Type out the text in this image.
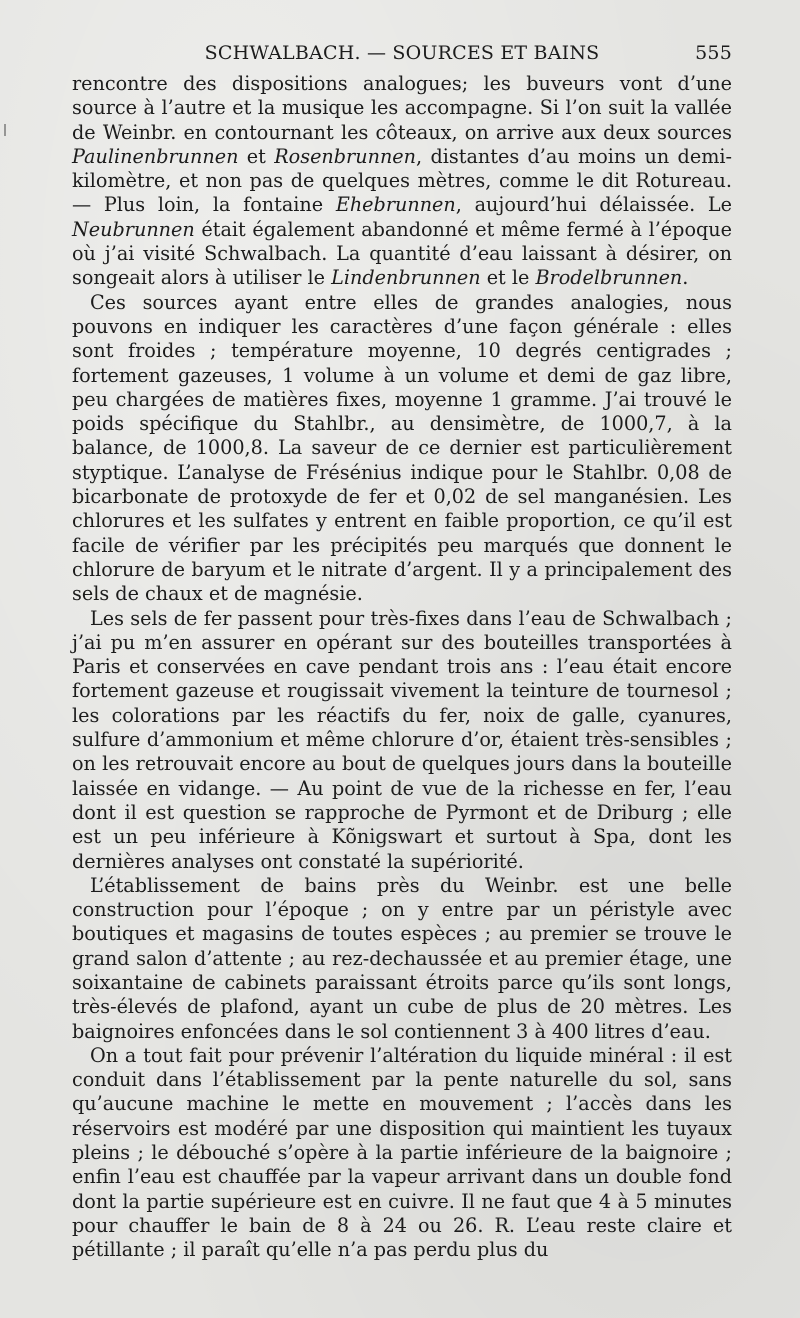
SCHWALBACH. — SOURCES ET BAINS	555

rencontre des dispositions analogues; les buveurs vont d’une source à l’autre et la musique les accompagne. Si l’on suit la vallée de Weinbr. en contournant les côteaux, on arrive aux deux sources Paulinenbrunnen et Rosenbrunnen, distantes d’au moins un demi-kilomètre, et non pas de quelques mètres, comme le dit Rotureau. — Plus loin, la fontaine Ehebrunnen, aujourd’hui délaissée. Le Neubrunnen était également abandonné et même fermé à l’époque où j’ai visité Schwalbach. La quantité d’eau laissant à désirer, on songeait alors à utiliser le Lindenbrunnen et le Brodelbrunnen.

Ces sources ayant entre elles de grandes analogies, nous pouvons en indiquer les caractères d’une façon générale : elles sont froides ; température moyenne, 10 degrés centigrades ; fortement gazeuses, 1 volume à un volume et demi de gaz libre, peu chargées de matières fixes, moyenne 1 gramme. J’ai trouvé le poids spécifique du Stahlbr., au densimètre, de 1000,7, à la balance, de 1000,8. La saveur de ce dernier est particulièrement styptique. L’analyse de Frésénius indique pour le Stahlbr. 0,08 de bicarbonate de protoxyde de fer et 0,02 de sel manganésien. Les chlorures et les sulfates y entrent en faible proportion, ce qu’il est facile de vérifier par les précipités peu marqués que donnent le chlorure de baryum et le nitrate d’argent. Il y a principalement des sels de chaux et de magnésie.

Les sels de fer passent pour très-fixes dans l’eau de Schwalbach ; j’ai pu m’en assurer en opérant sur des bouteilles transportées à Paris et conservées en cave pendant trois ans : l’eau était encore fortement gazeuse et rougissait vivement la teinture de tournesol ; les colorations par les réactifs du fer, noix de galle, cyanures, sulfure d’ammonium et même chlorure d’or, étaient très-sensibles ; on les retrouvait encore au bout de quelques jours dans la bouteille laissée en vidange. — Au point de vue de la richesse en fer, l’eau dont il est question se rapproche de Pyrmont et de Driburg ; elle est un peu inférieure à Kõnigswart et surtout à Spa, dont les dernières analyses ont constaté la supériorité.

L’établissement de bains près du Weinbr. est une belle construction pour l’époque ; on y entre par un péristyle avec boutiques et magasins de toutes espèces ; au premier se trouve le grand salon d’attente ; au rez-dechaussée et au premier étage, une soixantaine de cabinets paraissant étroits parce qu’ils sont longs, très-élevés de plafond, ayant un cube de plus de 20 mètres. Les baignoires enfoncées dans le sol contiennent 3 à 400 litres d’eau.

On a tout fait pour prévenir l’altération du liquide minéral : il est conduit dans l’établissement par la pente naturelle du sol, sans qu’aucune machine le mette en mouvement ; l’accès dans les réservoirs est modéré par une disposition qui maintient les tuyaux pleins ; le débouché s’opère à la partie inférieure de la baignoire ; enfin l’eau est chauffée par la vapeur arrivant dans un double fond dont la partie supérieure est en cuivre. Il ne faut que 4 à 5 minutes pour chauffer le bain de 8 à 24 ou 26. R. L’eau reste claire et pétillante ; il paraît qu’elle n’a pas perdu plus du
